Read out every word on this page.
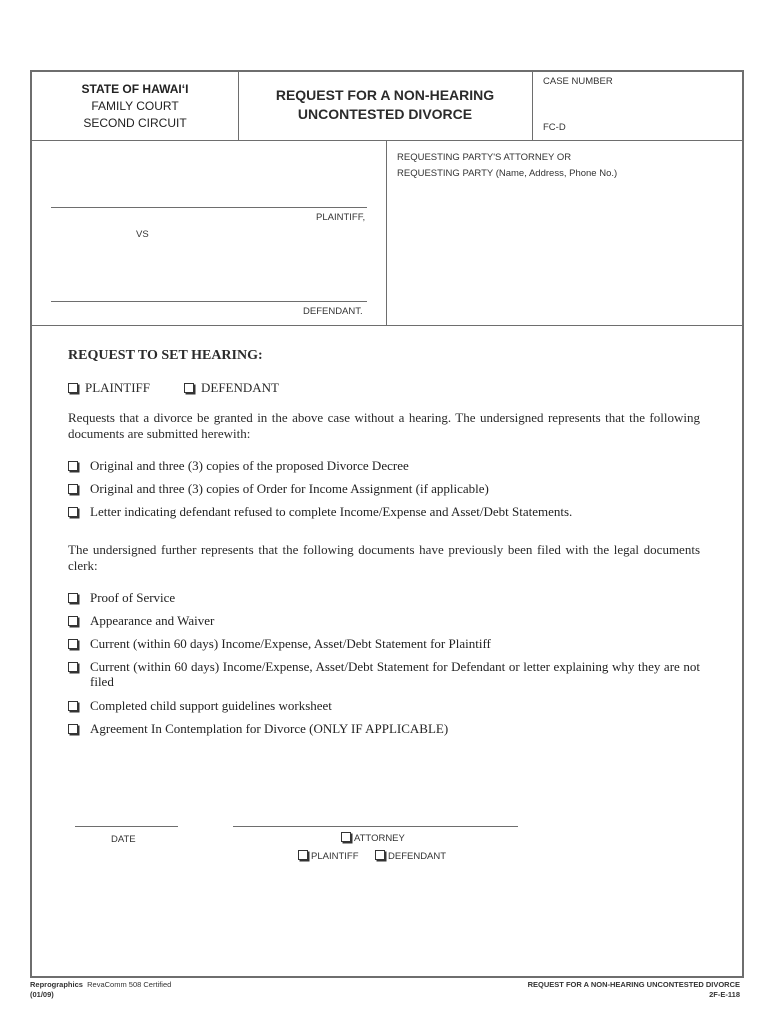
STATE OF HAWAI‘I
FAMILY COURT
SECOND CIRCUIT
REQUEST FOR A NON-HEARING
UNCONTESTED DIVORCE
CASE NUMBER
FC-D
REQUESTING PARTY'S ATTORNEY OR
REQUESTING PARTY (Name, Address, Phone No.)
PLAINTIFF,
VS
DEFENDANT.
REQUEST TO SET HEARING:
PLAINTIFF	DEFENDANT
Requests that a divorce be granted in the above case without a hearing. The undersigned represents that the following documents are submitted herewith:
Original and three (3) copies of the proposed Divorce Decree
Original and three (3) copies of Order for Income Assignment (if applicable)
Letter indicating defendant refused to complete Income/Expense and Asset/Debt Statements.
The undersigned further represents that the following documents have previously been filed with the legal documents clerk:
Proof of Service
Appearance and Waiver
Current (within 60 days) Income/Expense, Asset/Debt Statement for Plaintiff
Current (within 60 days) Income/Expense, Asset/Debt Statement for Defendant or letter explaining why they are not filed
Completed child support guidelines worksheet
Agreement In Contemplation for Divorce (ONLY IF APPLICABLE)
DATE	ATTORNEY
PLAINTIFF	DEFENDANT
Reprographics RevaComm 508 Certified
(01/09)
REQUEST FOR A NON-HEARING UNCONTESTED DIVORCE
2F-E-118
